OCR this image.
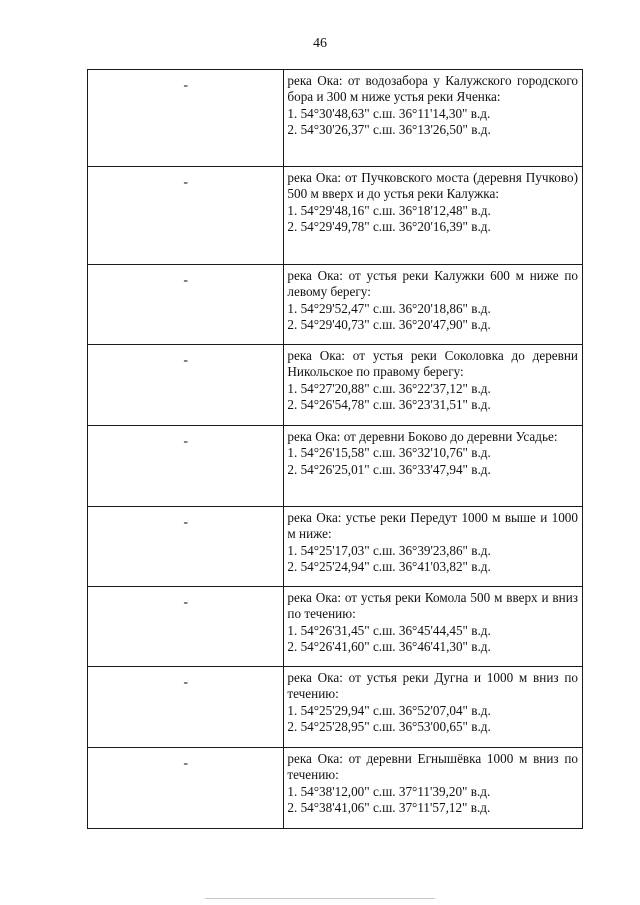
46
-	река Ока: от водозабора у Калужского городского бора и 300 м ниже устья реки Яченка:
1. 54°30'48,63" с.ш. 36°11'14,30" в.д.
2. 54°30'26,37" с.ш. 36°13'26,50" в.д.

-	река Ока: от Пучковского моста (деревня Пучково) 500 м вверх и до устья реки Калужка:
1. 54°29'48,16" с.ш. 36°18'12,48" в.д.
2. 54°29'49,78" с.ш. 36°20'16,39" в.д.

-	река Ока: от устья реки Калужки 600 м ниже по левому берегу:
1. 54°29'52,47" с.ш. 36°20'18,86" в.д.
2. 54°29'40,73" с.ш. 36°20'47,90" в.д.

-	река Ока: от устья реки Соколовка до деревни Никольское по правому берегу:
1. 54°27'20,88" с.ш. 36°22'37,12" в.д.
2. 54°26'54,78" с.ш. 36°23'31,51" в.д.

-	река Ока: от деревни Боково до деревни Усадье:
1. 54°26'15,58" с.ш. 36°32'10,76" в.д.
2. 54°26'25,01" с.ш. 36°33'47,94" в.д.

-	река Ока: устье реки Передут 1000 м выше и 1000 м ниже:
1. 54°25'17,03" с.ш. 36°39'23,86" в.д.
2. 54°25'24,94" с.ш. 36°41'03,82" в.д.

-	река Ока: от устья реки Комола 500 м вверх и вниз по течению:
1. 54°26'31,45" с.ш. 36°45'44,45" в.д.
2. 54°26'41,60" с.ш. 36°46'41,30" в.д.

-	река Ока: от устья реки Дугна и 1000 м вниз по течению:
1. 54°25'29,94" с.ш. 36°52'07,04" в.д.
2. 54°25'28,95" с.ш. 36°53'00,65" в.д.

-	река Ока: от деревни Егнышёвка 1000 м вниз по течению:
1. 54°38'12,00" с.ш. 37°11'39,20" в.д.
2. 54°38'41,06" с.ш. 37°11'57,12" в.д.
